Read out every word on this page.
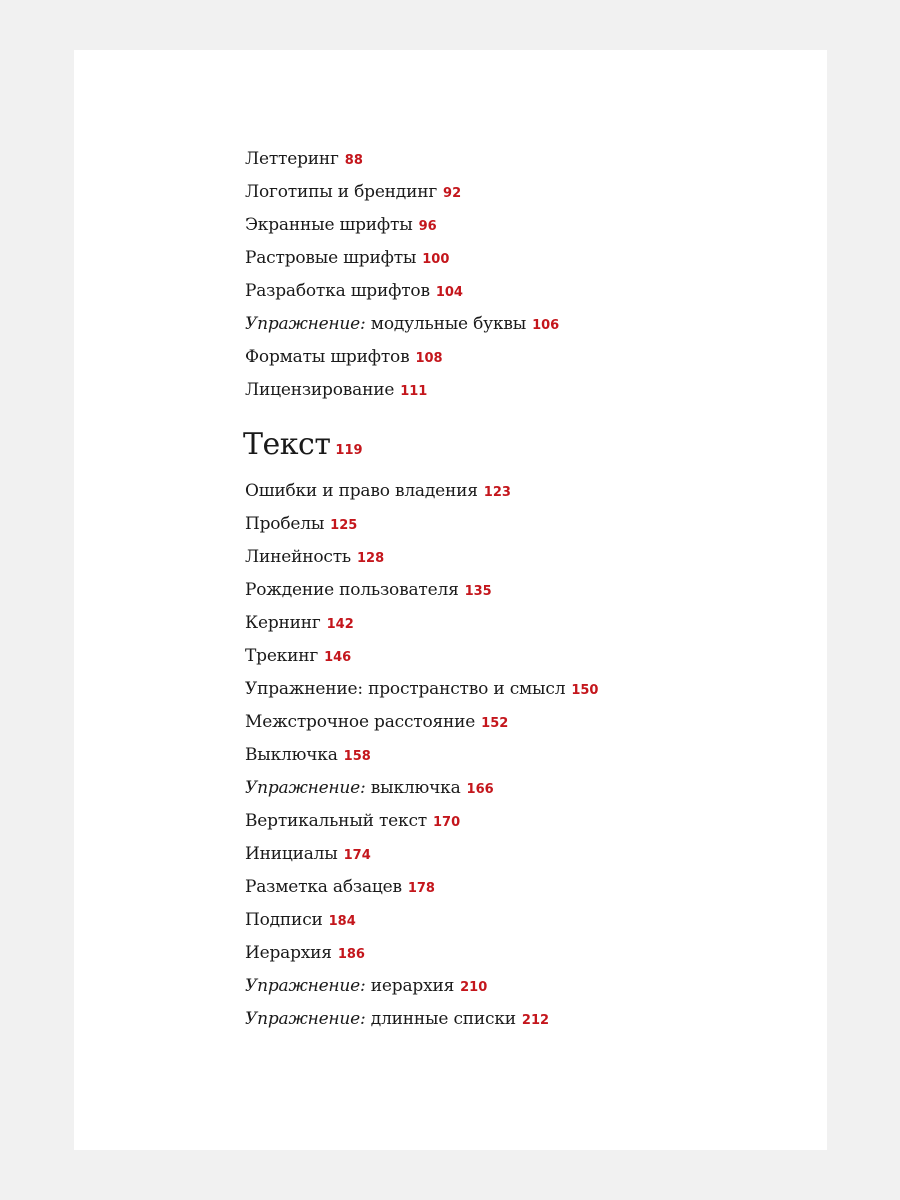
Леттеринг 88
Логотипы и брендинг 92
Экранные шрифты 96
Растровые шрифты 100
Разработка шрифтов 104
Упражнение: модульные буквы 106
Форматы шрифтов 108
Лицензирование 111
Текст 119
Ошибки и право владения 123
Пробелы 125
Линейность 128
Рождение пользователя 135
Кернинг 142
Трекинг 146
Упражнение: пространство и смысл 150
Межстрочное расстояние 152
Выключка 158
Упражнение: выключка 166
Вертикальный текст 170
Инициалы 174
Разметка абзацев 178
Подписи 184
Иерархия 186
Упражнение: иерархия 210
Упражнение: длинные списки 212
